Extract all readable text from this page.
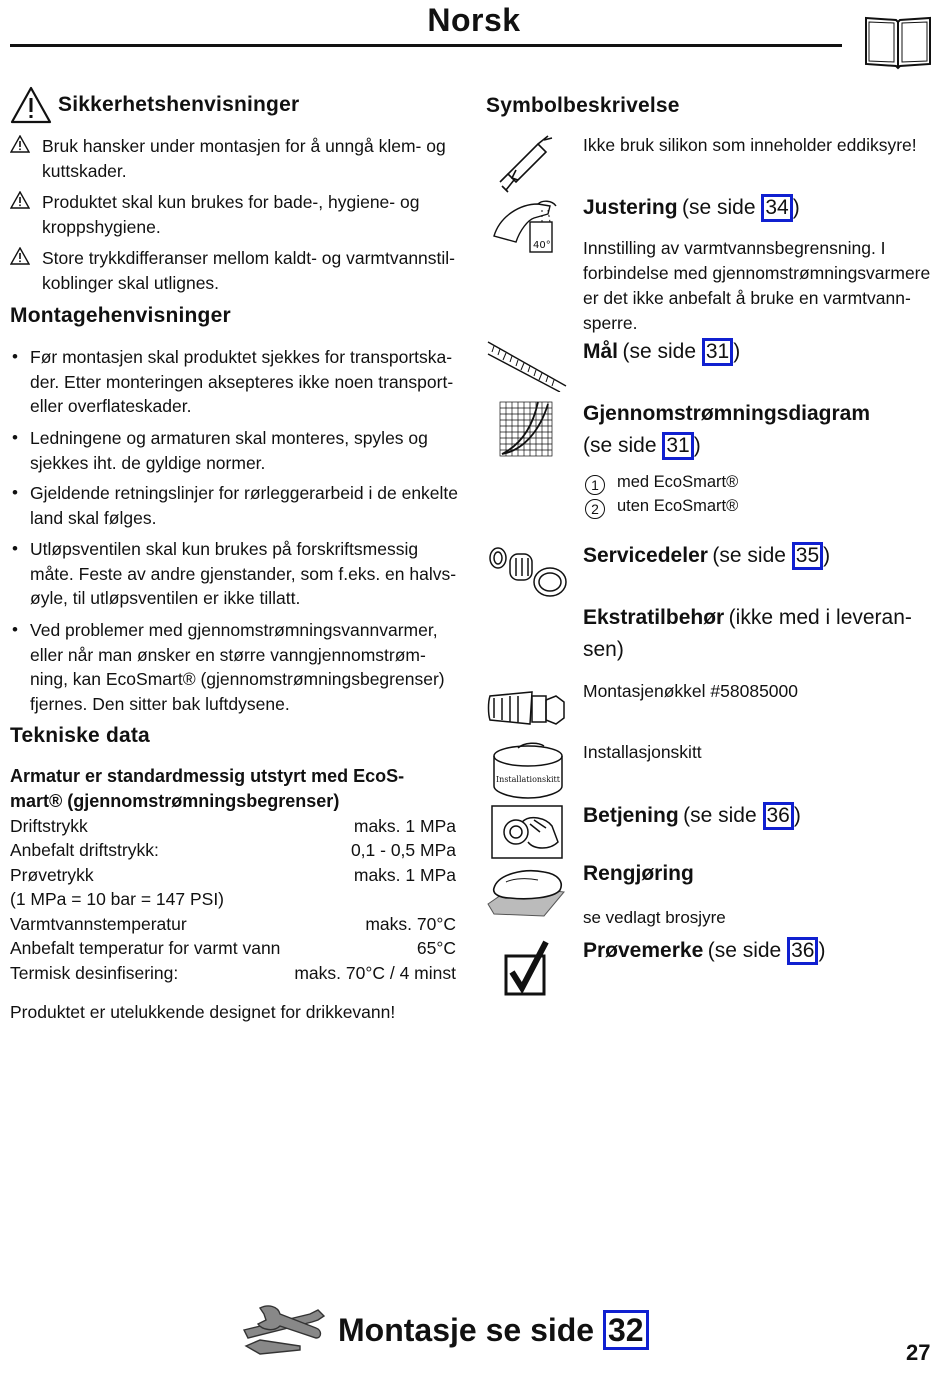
Norsk
Sikkerhetshenvisninger
Bruk hansker under montasjen for å unngå klem- og kuttskader.
Produktet skal kun brukes for bade-, hygiene- og kroppshygiene.
Store trykkdifferanser mellom kaldt- og varmtvannstil-koblinger skal utlignes.
Montagehenvisninger
• Før montasjen skal produktet sjekkes for transportska-der. Etter monteringen aksepteres ikke noen transport- eller overflateskader.
• Ledningene og armaturen skal monteres, spyles og sjekkes iht. de gyldige normer.
• Gjeldende retningslinjer for rørleggerarbeid i de enkelte land skal følges.
• Utløpsventilen skal kun brukes på forskriftsmessig måte. Feste av andre gjenstander, som f.eks. en halvs-øyle, til utløpsventilen er ikke tillatt.
• Ved problemer med gjennomstrømningsvannvarmer, eller når man ønsker en større vanngjennomstrøm-ning, kan EcoSmart® (gjennomstrømningsbegrenser) fjernes. Den sitter bak luftdysene.
Tekniske data
Armatur er standardmessig utstyrt med EcoS-mart® (gjennomstrømningsbegrenser)
Driftstrykk	maks. 1 MPa
Anbefalt driftstrykk:	0,1 - 0,5 MPa
Prøvetrykk	maks. 1 MPa
(1 MPa = 10 bar = 147 PSI)
Varmtvannstemperatur	maks. 70°C
Anbefalt temperatur for varmt vann	65°C
Termisk desinfisering:	maks. 70°C / 4 minst
Produktet er utelukkende designet for drikkevann!
Symbolbeskrivelse
Ikke bruk silikon som inneholder eddiksyre!
40°
Justering (se side 34 )
Innstilling av varmtvannsbegrensning. I forbindelse med gjennomstrømningsvarmere er det ikke anbefalt å bruke en varmtvann-sperre.
Mål (se side 31 )
Gjennomstrømningsdiagram
(se side 31 )
1 med EcoSmart®
2 uten EcoSmart®
Servicedeler (se side 35 )
Ekstratilbehør (ikke med i leveran-sen)
Montasjenøkkel #58085000
Installationskitt
Installasjonskitt
Betjening (se side 36 )
Rengjøring
se vedlagt brosjyre
Prøvemerke (se side 36 )
Montasje se side 32
27
